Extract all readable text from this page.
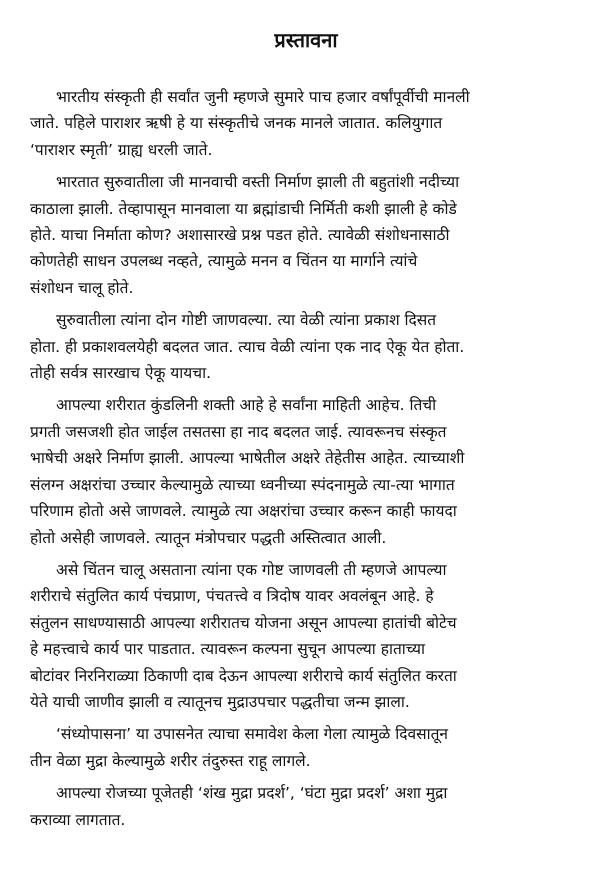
प्रस्तावना

भारतीय संस्कृती ही सर्वांत जुनी म्हणजे सुमारे पाच हजार वर्षांपूर्वीची मानली
जाते. पहिले पाराशर ऋषी हे या संस्कृतीचे जनक मानले जातात. कलियुगात
‘पाराशर स्मृती’ ग्राह्य धरली जाते.

भारतात सुरुवातीला जी मानवाची वस्ती निर्माण झाली ती बहुतांशी नदीच्या
काठाला झाली. तेव्हापासून मानवाला या ब्रह्मांडाची निर्मिती कशी झाली हे कोडे
होते. याचा निर्माता कोण? अशासारखे प्रश्न पडत होते. त्यावेळी संशोधनासाठी
कोणतेही साधन उपलब्ध नव्हते, त्यामुळे मनन व चिंतन या मार्गाने त्यांचे
संशोधन चालू होते.

सुरुवातीला त्यांना दोन गोष्टी जाणवल्या. त्या वेळी त्यांना प्रकाश दिसत
होता. ही प्रकाशवलयेही बदलत जात. त्याच वेळी त्यांना एक नाद ऐकू येत होता.
तोही सर्वत्र सारखाच ऐकू यायचा.

आपल्या शरीरात कुंडलिनी शक्ती आहे हे सर्वांना माहिती आहेच. तिची
प्रगती जसजशी होत जाईल तसतसा हा नाद बदलत जाई. त्यावरूनच संस्कृत
भाषेची अक्षरे निर्माण झाली. आपल्या भाषेतील अक्षरे तेहेतीस आहेत. त्याच्याशी
संलग्न अक्षरांचा उच्चार केल्यामुळे त्याच्या ध्वनीच्या स्पंदनामुळे त्या-त्या भागात
परिणाम होतो असे जाणवले. त्यामुळे त्या अक्षरांचा उच्चार करून काही फायदा
होतो असेही जाणवले. त्यातून मंत्रोपचार पद्धती अस्तित्वात आली.

असे चिंतन चालू असताना त्यांना एक गोष्ट जाणवली ती म्हणजे आपल्या
शरीराचे संतुलित कार्य पंचप्राण, पंचतत्त्वे व त्रिदोष यावर अवलंबून आहे. हे
संतुलन साधण्यासाठी आपल्या शरीरातच योजना असून आपल्या हातांची बोटेच
हे महत्त्वाचे कार्य पार पाडतात. त्यावरून कल्पना सुचून आपल्या हाताच्या
बोटांवर निरनिराळ्या ठिकाणी दाब देऊन आपल्या शरीराचे कार्य संतुलित करता
येते याची जाणीव झाली व त्यातूनच मुद्राउपचार पद्धतीचा जन्म झाला.

‘संध्योपासना’ या उपासनेत त्याचा समावेश केला गेला त्यामुळे दिवसातून
तीन वेळा मुद्रा केल्यामुळे शरीर तंदुरुस्त राहू लागले.

आपल्या रोजच्या पूजेतही ‘शंख मुद्रा प्रदर्श’, ‘घंटा मुद्रा प्रदर्श’ अशा मुद्रा
कराव्या लागतात.
